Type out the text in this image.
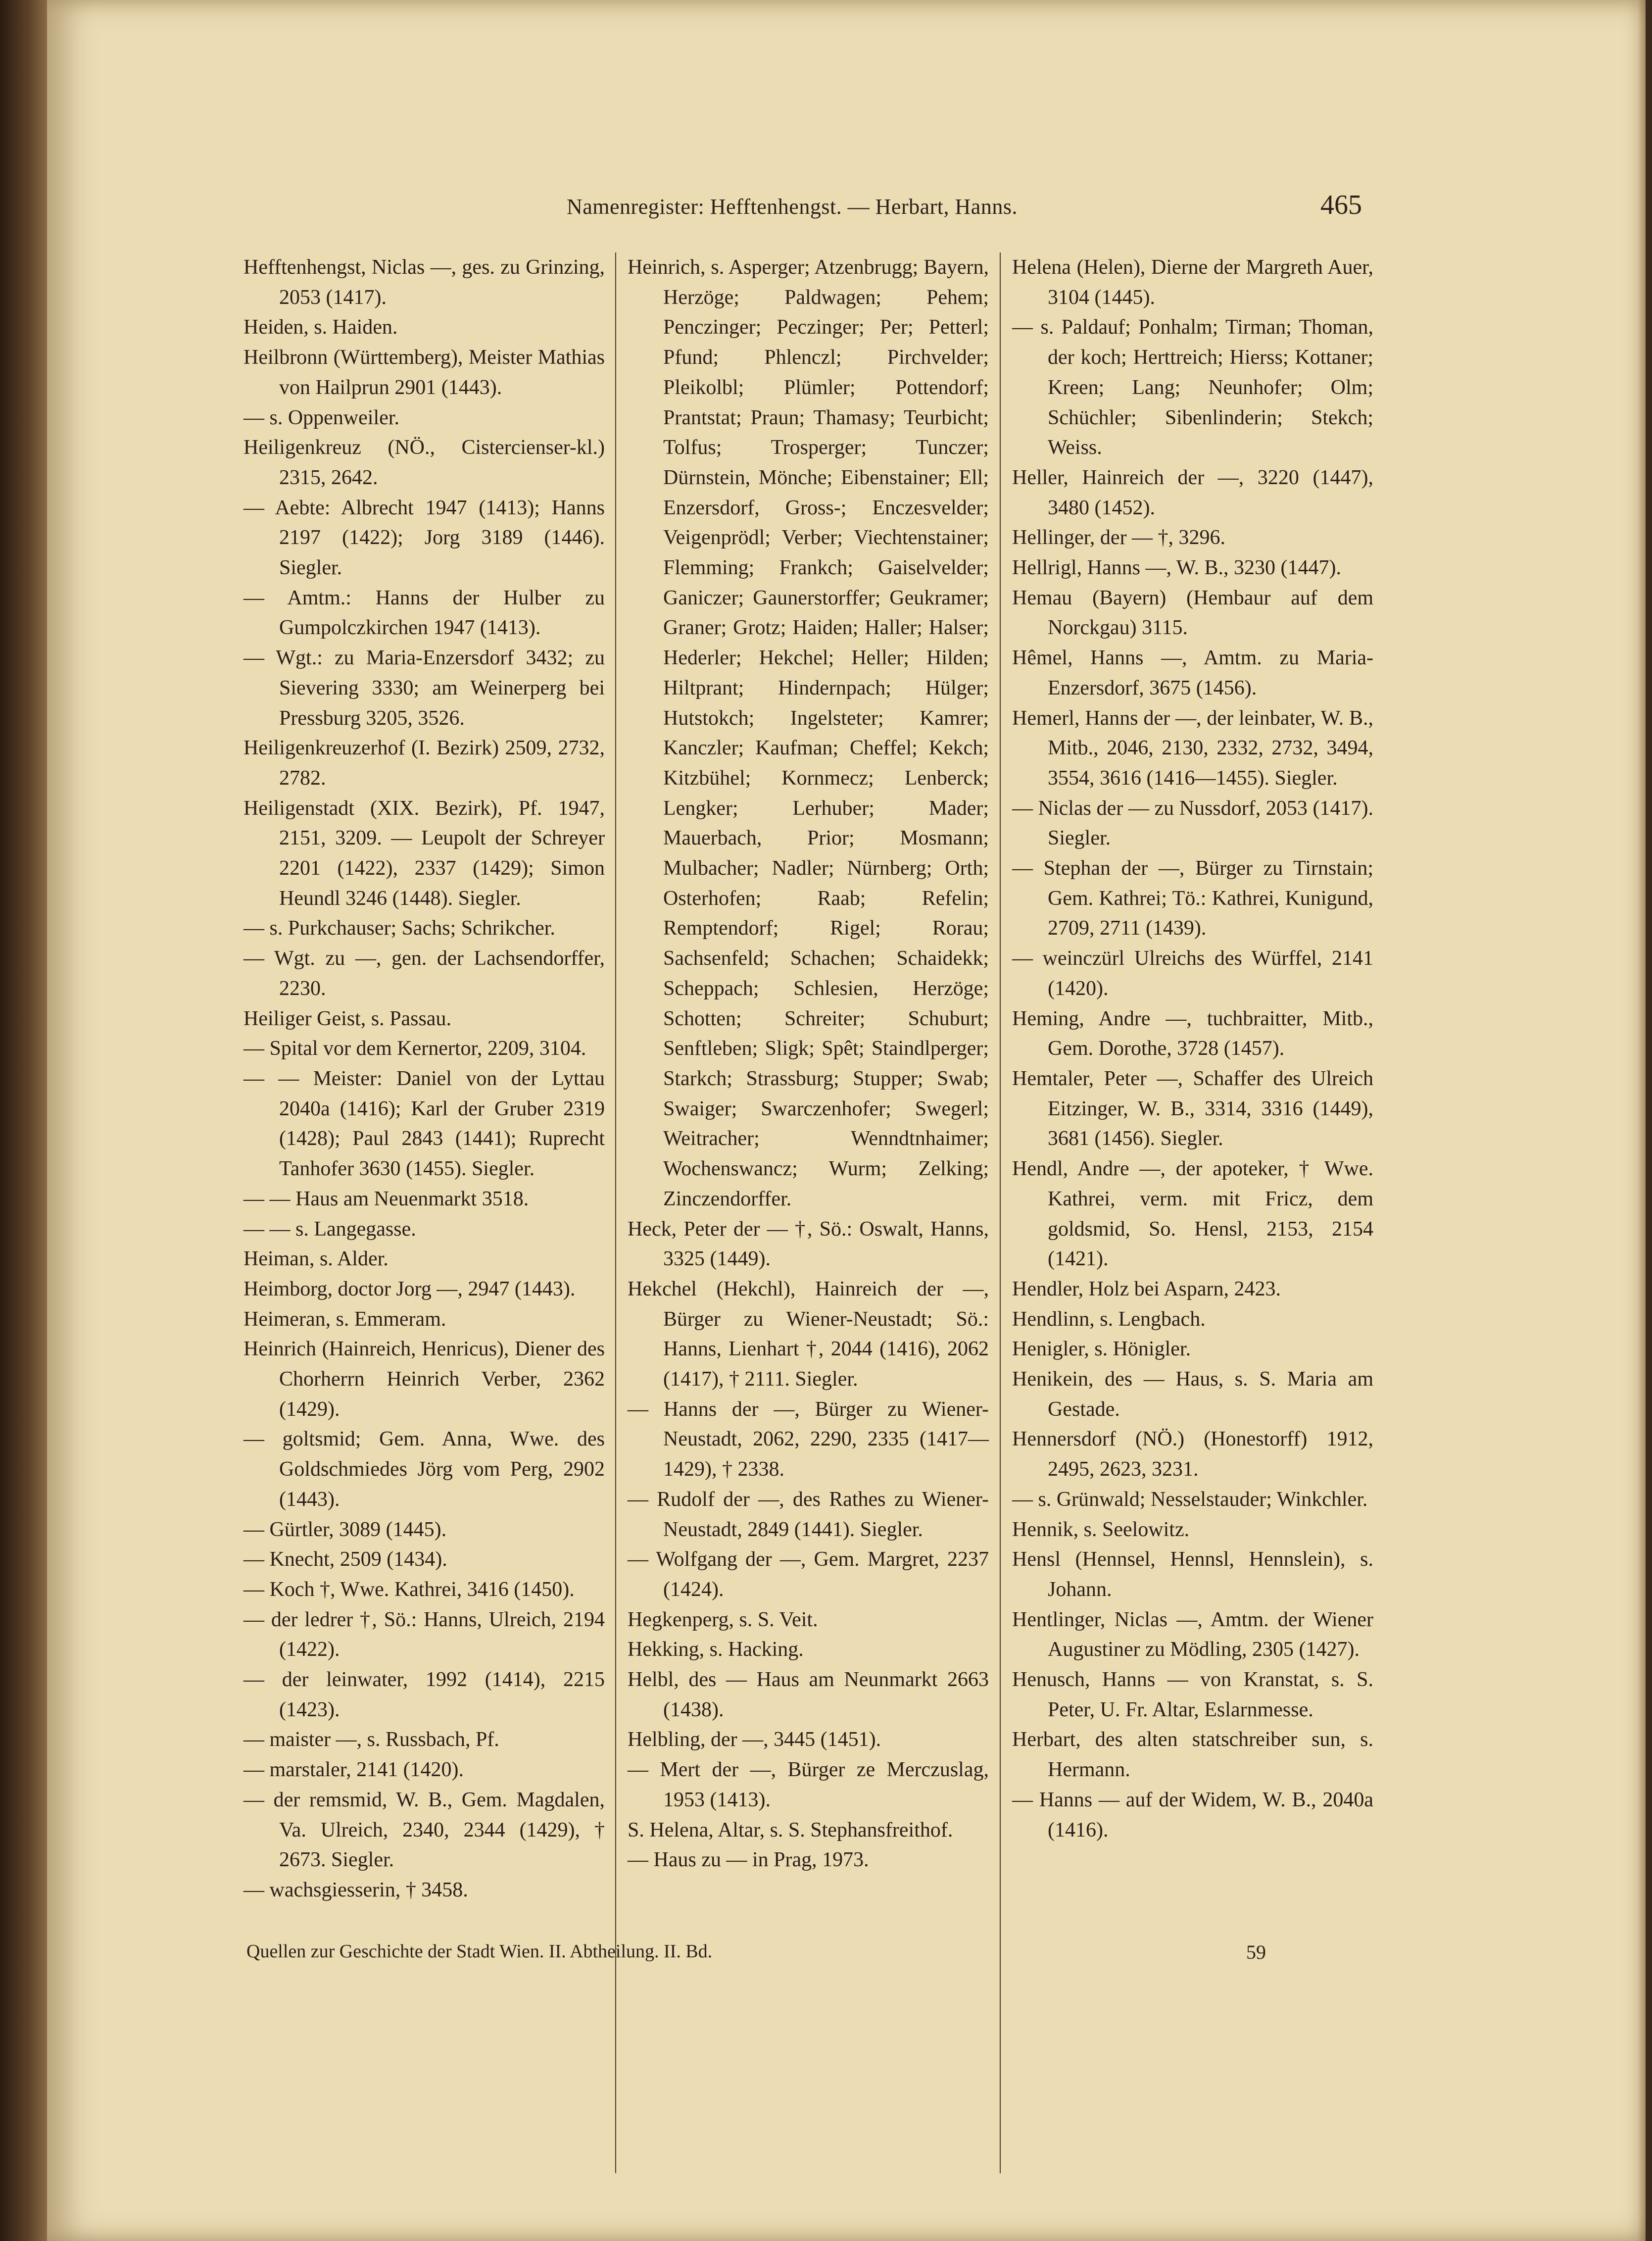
Namenregister: Hefftenhengst. — Herbart, Hanns.	465

Hefftenhengst, Niclas —, ges. zu Grinzing, 2053 (1417).

Heiden, s. Haiden.

Heilbronn (Württemberg), Meister Mathias von Hailprun 2901 (1443).

— s. Oppenweiler.

Heiligenkreuz (NÖ., Cistercienser-kl.) 2315, 2642.

— Aebte: Albrecht 1947 (1413); Hanns 2197 (1422); Jorg 3189 (1446). Siegler.

— Amtm.: Hanns der Hulber zu Gumpolczkirchen 1947 (1413).

— Wgt.: zu Maria-Enzersdorf 3432; zu Sievering 3330; am Weinerperg bei Pressburg 3205, 3526.

Heiligenkreuzerhof (I. Bezirk) 2509, 2732, 2782.

Heiligenstadt (XIX. Bezirk), Pf. 1947, 2151, 3209. — Leupolt der Schreyer 2201 (1422), 2337 (1429); Simon Heundl 3246 (1448). Siegler.

— s. Purkchauser; Sachs; Schrikcher.

— Wgt. zu —, gen. der Lachsendorffer, 2230.

Heiliger Geist, s. Passau.

— Spital vor dem Kernertor, 2209, 3104.

— — Meister: Daniel von der Lyttau 2040a (1416); Karl der Gruber 2319 (1428); Paul 2843 (1441); Ruprecht Tanhofer 3630 (1455). Siegler.

— — Haus am Neuenmarkt 3518.

— — s. Langegasse.

Heiman, s. Alder.

Heimborg, doctor Jorg —, 2947 (1443).

Heimeran, s. Emmeram.

Heinrich (Hainreich, Henricus), Diener des Chorherrn Heinrich Verber, 2362 (1429).

— goltsmid; Gem. Anna, Wwe. des Goldschmiedes Jörg vom Perg, 2902 (1443).

— Gürtler, 3089 (1445).

— Knecht, 2509 (1434).

— Koch †, Wwe. Kathrei, 3416 (1450).

— der ledrer †, Sö.: Hanns, Ulreich, 2194 (1422).

— der leinwater, 1992 (1414), 2215 (1423).

— maister —, s. Russbach, Pf.

— marstaler, 2141 (1420).

— der remsmid, W. B., Gem. Magdalen, Va. Ulreich, 2340, 2344 (1429), † 2673. Siegler.

— wachsgiesserin, † 3458.

Heinrich, s. Asperger; Atzenbrugg; Bayern, Herzöge; Paldwagen; Pehem; Penczinger; Peczinger; Per; Petterl; Pfund; Phlenczl; Pirchvelder; Pleikolbl; Plümler; Pottendorf; Prantstat; Praun; Thamasy; Teurbicht; Tolfus; Trosperger; Tunczer; Dürnstein, Mönche; Eibenstainer; Ell; Enzersdorf, Gross-; Enczesvelder; Veigenprödl; Verber; Viechtenstainer; Flemming; Frankch; Gaiselvelder; Ganiczer; Gaunerstorffer; Geukramer; Graner; Grotz; Haiden; Haller; Halser; Hederler; Hekchel; Heller; Hilden; Hiltprant; Hindernpach; Hülger; Hutstokch; Ingelsteter; Kamrer; Kanczler; Kaufman; Cheffel; Kekch; Kitzbühel; Kornmecz; Lenberck; Lengker; Lerhuber; Mader; Mauerbach, Prior; Mosmann; Mulbacher; Nadler; Nürnberg; Orth; Osterhofen; Raab; Refelin; Remptendorf; Rigel; Rorau; Sachsenfeld; Schachen; Schaidekk; Scheppach; Schlesien, Herzöge; Schotten; Schreiter; Schuburt; Senftleben; Sligk; Spêt; Staindlperger; Starkch; Strassburg; Stupper; Swab; Swaiger; Swarczenhofer; Swegerl; Weitracher; Wenndtnhaimer; Wochenswancz; Wurm; Zelking; Zinczendorffer.

Heck, Peter der — †, Sö.: Oswalt, Hanns, 3325 (1449).

Hekchel (Hekchl), Hainreich der —, Bürger zu Wiener-Neustadt; Sö.: Hanns, Lienhart †, 2044 (1416), 2062 (1417), † 2111. Siegler.

— Hanns der —, Bürger zu Wiener-Neustadt, 2062, 2290, 2335 (1417—1429), † 2338.

— Rudolf der —, des Rathes zu Wiener-Neustadt, 2849 (1441). Siegler.

— Wolfgang der —, Gem. Margret, 2237 (1424).

Hegkenperg, s. S. Veit.

Hekking, s. Hacking.

Helbl, des — Haus am Neunmarkt 2663 (1438).

Helbling, der —, 3445 (1451).

— Mert der —, Bürger ze Merczuslag, 1953 (1413).

S. Helena, Altar, s. S. Stephansfreithof.

— Haus zu — in Prag, 1973.

Helena (Helen), Dierne der Margreth Auer, 3104 (1445).

— s. Paldauf; Ponhalm; Tirman; Thoman, der koch; Herttreich; Hierss; Kottaner; Kreen; Lang; Neunhofer; Olm; Schüchler; Sibenlinderin; Stekch; Weiss.

Heller, Hainreich der —, 3220 (1447), 3480 (1452).

Hellinger, der — †, 3296.

Hellrigl, Hanns —, W. B., 3230 (1447).

Hemau (Bayern) (Hembaur auf dem Norckgau) 3115.

Hêmel, Hanns —, Amtm. zu Maria-Enzersdorf, 3675 (1456).

Hemerl, Hanns der —, der leinbater, W. B., Mitb., 2046, 2130, 2332, 2732, 3494, 3554, 3616 (1416—1455). Siegler.

— Niclas der — zu Nussdorf, 2053 (1417). Siegler.

— Stephan der —, Bürger zu Tirnstain; Gem. Kathrei; Tö.: Kathrei, Kunigund, 2709, 2711 (1439).

— weinczürl Ulreichs des Würffel, 2141 (1420).

Heming, Andre —, tuchbraitter, Mitb., Gem. Dorothe, 3728 (1457).

Hemtaler, Peter —, Schaffer des Ulreich Eitzinger, W. B., 3314, 3316 (1449), 3681 (1456). Siegler.

Hendl, Andre —, der apoteker, † Wwe. Kathrei, verm. mit Fricz, dem goldsmid, So. Hensl, 2153, 2154 (1421).

Hendler, Holz bei Asparn, 2423.

Hendlinn, s. Lengbach.

Henigler, s. Hönigler.

Henikein, des — Haus, s. S. Maria am Gestade.

Hennersdorf (NÖ.) (Honestorff) 1912, 2495, 2623, 3231.

— s. Grünwald; Nesselstauder; Winkchler.

Hennik, s. Seelowitz.

Hensl (Hennsel, Hennsl, Hennslein), s. Johann.

Hentlinger, Niclas —, Amtm. der Wiener Augustiner zu Mödling, 2305 (1427).

Henusch, Hanns — von Kranstat, s. S. Peter, U. Fr. Altar, Eslarnmesse.

Herbart, des alten statschreiber sun, s. Hermann.

— Hanns — auf der Widem, W. B., 2040a (1416).

Quellen zur Geschichte der Stadt Wien. II. Abtheilung. II. Bd.	59
